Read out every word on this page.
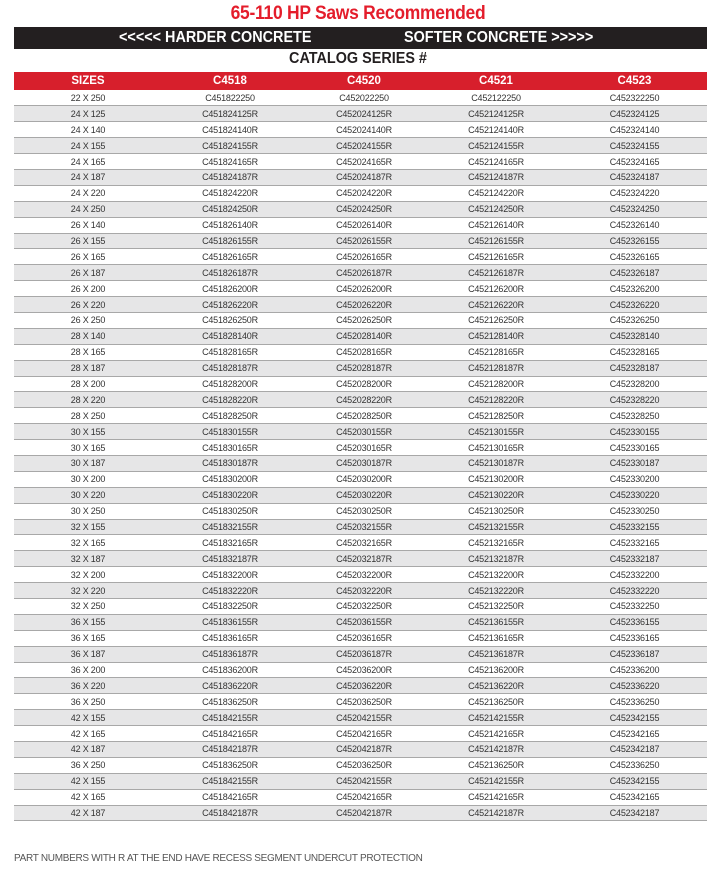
65-110 HP Saws Recommended
<<<<< HARDER CONCRETE	SOFTER CONCRETE >>>>>
CATALOG SERIES #
SIZES	C4518	C4520	C4521	C4523
22 X 250	C451822250	C452022250	C452122250	C452322250
24 X 125	C451824125R	C452024125R	C452124125R	C452324125
24 X 140	C451824140R	C452024140R	C452124140R	C452324140
24 X 155	C451824155R	C452024155R	C452124155R	C452324155
24 X 165	C451824165R	C452024165R	C452124165R	C452324165
24 X 187	C451824187R	C452024187R	C452124187R	C452324187
24 X 220	C451824220R	C452024220R	C452124220R	C452324220
24 X 250	C451824250R	C452024250R	C452124250R	C452324250
26 X 140	C451826140R	C452026140R	C452126140R	C452326140
26 X 155	C451826155R	C452026155R	C452126155R	C452326155
26 X 165	C451826165R	C452026165R	C452126165R	C452326165
26 X 187	C451826187R	C452026187R	C452126187R	C452326187
26 X 200	C451826200R	C452026200R	C452126200R	C452326200
26 X 220	C451826220R	C452026220R	C452126220R	C452326220
26 X 250	C451826250R	C452026250R	C452126250R	C452326250
28 X 140	C451828140R	C452028140R	C452128140R	C452328140
28 X 165	C451828165R	C452028165R	C452128165R	C452328165
28 X 187	C451828187R	C452028187R	C452128187R	C452328187
28 X 200	C451828200R	C452028200R	C452128200R	C452328200
28 X 220	C451828220R	C452028220R	C452128220R	C452328220
28 X 250	C451828250R	C452028250R	C452128250R	C452328250
30 X 155	C451830155R	C452030155R	C452130155R	C452330155
30 X 165	C451830165R	C452030165R	C452130165R	C452330165
30 X 187	C451830187R	C452030187R	C452130187R	C452330187
30 X 200	C451830200R	C452030200R	C452130200R	C452330200
30 X 220	C451830220R	C452030220R	C452130220R	C452330220
30 X 250	C451830250R	C452030250R	C452130250R	C452330250
32 X 155	C451832155R	C452032155R	C452132155R	C452332155
32 X 165	C451832165R	C452032165R	C452132165R	C452332165
32 X 187	C451832187R	C452032187R	C452132187R	C452332187
32 X 200	C451832200R	C452032200R	C452132200R	C452332200
32 X 220	C451832220R	C452032220R	C452132220R	C452332220
32 X 250	C451832250R	C452032250R	C452132250R	C452332250
36 X 155	C451836155R	C452036155R	C452136155R	C452336155
36 X 165	C451836165R	C452036165R	C452136165R	C452336165
36 X 187	C451836187R	C452036187R	C452136187R	C452336187
36 X 200	C451836200R	C452036200R	C452136200R	C452336200
36 X 220	C451836220R	C452036220R	C452136220R	C452336220
36 X 250	C451836250R	C452036250R	C452136250R	C452336250
42 X 155	C451842155R	C452042155R	C452142155R	C452342155
42 X 165	C451842165R	C452042165R	C452142165R	C452342165
42 X 187	C451842187R	C452042187R	C452142187R	C452342187
36 X 250	C451836250R	C452036250R	C452136250R	C452336250
42 X 155	C451842155R	C452042155R	C452142155R	C452342155
42 X 165	C451842165R	C452042165R	C452142165R	C452342165
42 X 187	C451842187R	C452042187R	C452142187R	C452342187
PART NUMBERS WITH R AT THE END HAVE RECESS SEGMENT UNDERCUT PROTECTION
